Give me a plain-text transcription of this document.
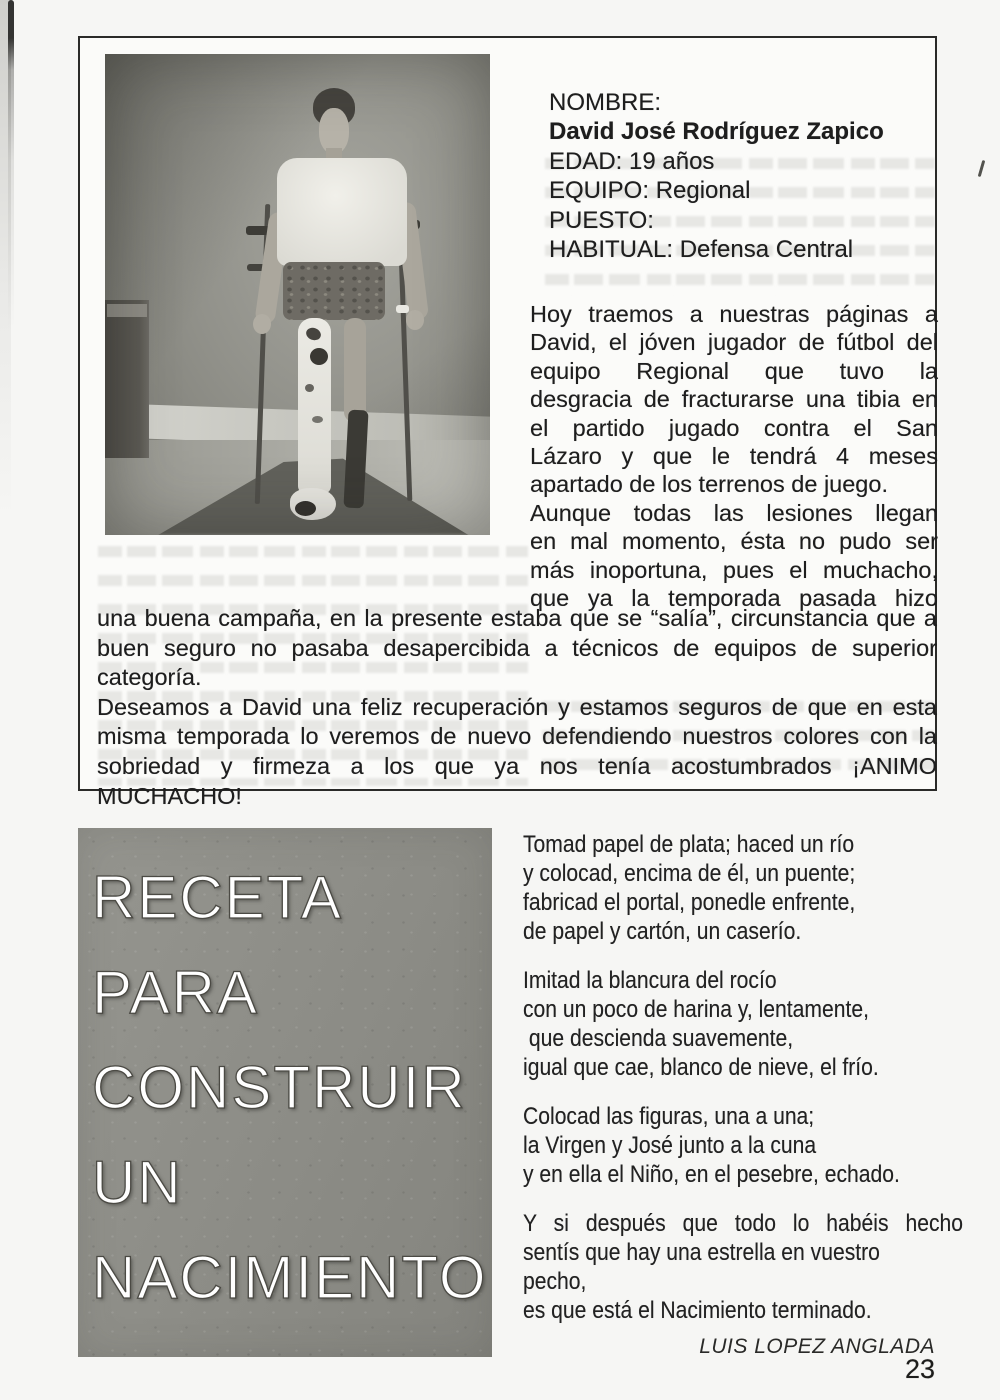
NOMBRE:
David José Rodríguez Zapico
EDAD: 19 años
EQUIPO: Regional
PUESTO:
HABITUAL: Defensa Central
Hoy traemos a nuestras páginas a
David, el jóven jugador de fútbol del
equipo Regional que tuvo la
desgracia de fracturarse una tibia en
el partido jugado contra el San
Lázaro y que le tendrá 4 meses
apartado de los terrenos de juego.
Aunque todas las lesiones llegan
en mal momento, ésta no pudo ser
más inoportuna, pues el muchacho,
que ya la temporada pasada hizo
una buena campaña, en la presente estaba que se “salía”, circunstancia que a
buen seguro no pasaba desapercibida a técnicos de equipos de superior
categoría.
Deseamos a David una feliz recuperación y estamos seguros de que en esta
misma temporada lo veremos de nuevo defendiendo nuestros colores con la
sobriedad y firmeza a los que ya nos tenía acostumbrados ¡ANIMO
MUCHACHO!
RECETA
PARA
CONSTRUIR
UN
NACIMIENTO
Tomad papel de plata; haced un río
y colocad, encima de él, un puente;
fabricad el portal, ponedle enfrente,
de papel y cartón, un caserío.
Imitad la blancura del rocío
con un poco de harina y, lentamente,
que descienda suavemente,
igual que cae, blanco de nieve, el frío.
Colocad las figuras, una a una;
la Virgen y José junto a la cuna
y en ella el Niño, en el pesebre, echado.
Y si después que todo lo habéis hecho
sentís que hay una estrella en vuestro
pecho,
es que está el Nacimiento terminado.
LUIS LOPEZ ANGLADA
23
